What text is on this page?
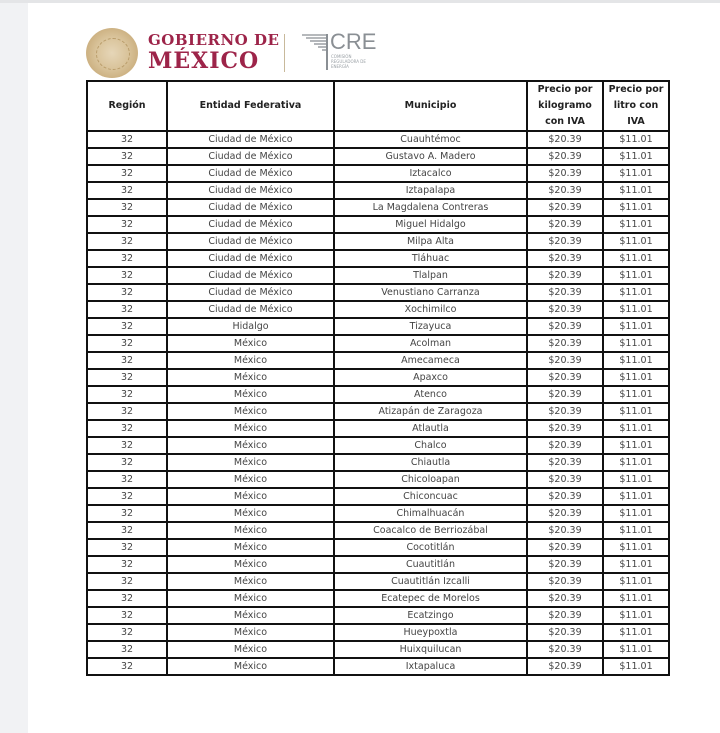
GOBIERNO DE
MÉXICO
CRE
COMISIÓN REGULADORA DE ENERGÍA
Región	Entidad Federativa	Municipio	Precio por kilogramo con IVA	Precio por litro con IVA
32	Ciudad de México	Cuauhtémoc	$20.39	$11.01
32	Ciudad de México	Gustavo A. Madero	$20.39	$11.01
32	Ciudad de México	Iztacalco	$20.39	$11.01
32	Ciudad de México	Iztapalapa	$20.39	$11.01
32	Ciudad de México	La Magdalena Contreras	$20.39	$11.01
32	Ciudad de México	Miguel Hidalgo	$20.39	$11.01
32	Ciudad de México	Milpa Alta	$20.39	$11.01
32	Ciudad de México	Tláhuac	$20.39	$11.01
32	Ciudad de México	Tlalpan	$20.39	$11.01
32	Ciudad de México	Venustiano Carranza	$20.39	$11.01
32	Ciudad de México	Xochimilco	$20.39	$11.01
32	Hidalgo	Tizayuca	$20.39	$11.01
32	México	Acolman	$20.39	$11.01
32	México	Amecameca	$20.39	$11.01
32	México	Apaxco	$20.39	$11.01
32	México	Atenco	$20.39	$11.01
32	México	Atizapán de Zaragoza	$20.39	$11.01
32	México	Atlautla	$20.39	$11.01
32	México	Chalco	$20.39	$11.01
32	México	Chiautla	$20.39	$11.01
32	México	Chicoloapan	$20.39	$11.01
32	México	Chiconcuac	$20.39	$11.01
32	México	Chimalhuacán	$20.39	$11.01
32	México	Coacalco de Berriozábal	$20.39	$11.01
32	México	Cocotitlán	$20.39	$11.01
32	México	Cuautitlán	$20.39	$11.01
32	México	Cuautitlán Izcalli	$20.39	$11.01
32	México	Ecatepec de Morelos	$20.39	$11.01
32	México	Ecatzingo	$20.39	$11.01
32	México	Hueypoxtla	$20.39	$11.01
32	México	Huixquilucan	$20.39	$11.01
32	México	Ixtapaluca	$20.39	$11.01
